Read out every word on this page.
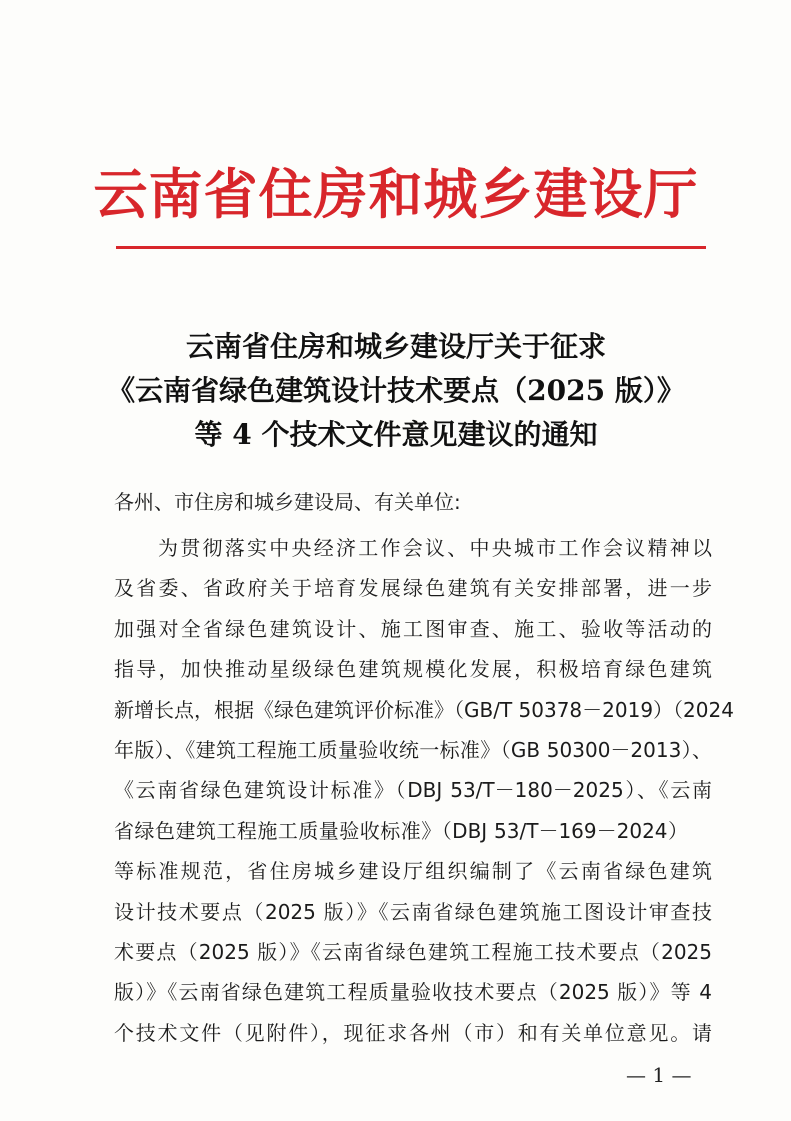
云南省住房和城乡建设厅
云南省住房和城乡建设厅关于征求
《云南省绿色建筑设计技术要点（2025 版）》
等 4 个技术文件意见建议的通知
各州、市住房和城乡建设局、有关单位:
为贯彻落实中央经济工作会议、中央城市工作会议精神以
及省委、省政府关于培育发展绿色建筑有关安排部署，进一步
加强对全省绿色建筑设计、施工图审查、施工、验收等活动的
指导，加快推动星级绿色建筑规模化发展，积极培育绿色建筑
新增长点，根据《绿色建筑评价标准》（GB/T 50378－2019）（2024
年版）、《建筑工程施工质量验收统一标准》（GB 50300－2013）、
《云南省绿色建筑设计标准》（DBJ 53/T－180－2025）、《云南
省绿色建筑工程施工质量验收标准》（DBJ 53/T－169－2024）
等标准规范，省住房城乡建设厅组织编制了《云南省绿色建筑
设计技术要点（2025 版）》《云南省绿色建筑施工图设计审查技
术要点（2025 版）》《云南省绿色建筑工程施工技术要点（2025
版）》《云南省绿色建筑工程质量验收技术要点（2025 版）》等 4
个技术文件（见附件），现征求各州（市）和有关单位意见。请
— 1 —
